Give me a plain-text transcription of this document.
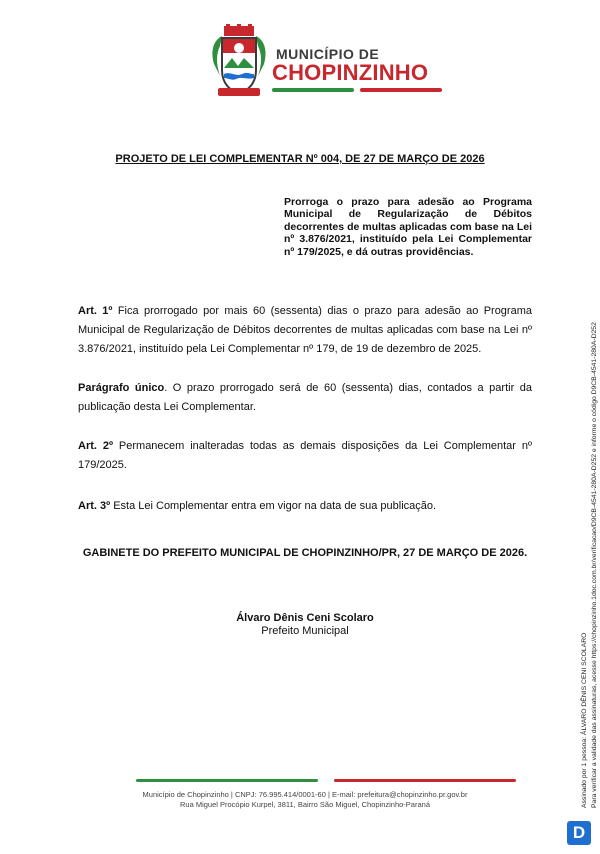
MUNICÍPIO DE
CHOPINZINHO
PROJETO DE LEI COMPLEMENTAR Nº 004, DE 27 DE MARÇO DE 2026
Prorroga o prazo para adesão ao Programa Municipal de Regularização de Débitos decorrentes de multas aplicadas com base na Lei nº 3.876/2021, instituído pela Lei Complementar nº 179/2025, e dá outras providências.
Art. 1º Fica prorrogado por mais 60 (sessenta) dias o prazo para adesão ao Programa Municipal de Regularização de Débitos decorrentes de multas aplicadas com base na Lei nº 3.876/2021, instituído pela Lei Complementar nº 179, de 19 de dezembro de 2025.
Parágrafo único. O prazo prorrogado será de 60 (sessenta) dias, contados a partir da publicação desta Lei Complementar.
Art. 2º Permanecem inalteradas todas as demais disposições da Lei Complementar nº 179/2025.
Art. 3º Esta Lei Complementar entra em vigor na data de sua publicação.
GABINETE DO PREFEITO MUNICIPAL DE CHOPINZINHO/PR, 27 DE MARÇO DE 2026.
Álvaro Dênis Ceni Scolaro
Prefeito Municipal
Município de Chopinzinho | CNPJ: 76.995.414/0001-60 | E-mail: prefeitura@chopinzinho.pr.gov.br
Rua Miguel Procópio Kurpel, 3811, Bairro São Miguel, Chopinzinho-Paraná	Assinado por 1 pessoa: ÁLVARO DÊNIS CENI SCOLARO Para verificar a validade das assinaturas, acesse https://chopinzinho.1doc.com.br/verificacao/D9CB-4541-280A-D252 e informe o código D9CB-4541-280A-D252
D
